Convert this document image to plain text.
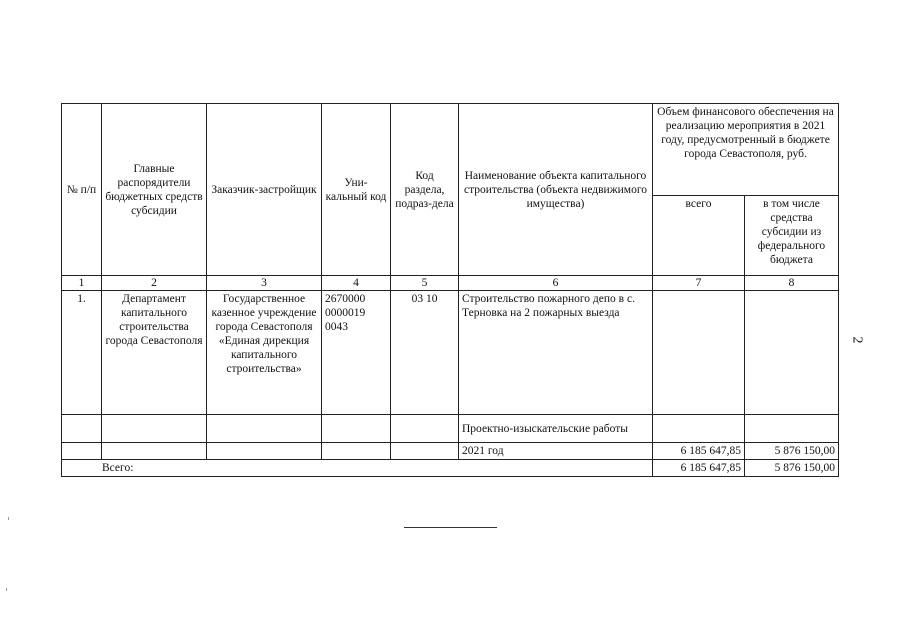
№ п/п	Главные распорядители бюджетных средств субсидии	Заказчик-застройщик	Уни-кальный код	Код раздела, подраз-дела	Наименование объекта капитального строительства (объекта недвижимого имущества)	Объем финансового обеспечения на реализацию мероприятия в 2021 году, предусмотренный в бюджете города Севастополя, руб.	
						всего	в том числе средства субсидии из федерального бюджета
1	2	3	4	5	6	7	8
1.	Департамент капитального строительства города Севастополя	Государственное казенное учреждение города Севастополя «Единая дирекция капитального строительства»	2670000 0000019 0043	03 10	Строительство пожарного депо в с. Терновка на 2 пожарных выезда		
					Проектно-изыскательские работы		
					2021 год	6 185 647,85	5 876 150,00
Всего:						6 185 647,85	5 876 150,00
2
